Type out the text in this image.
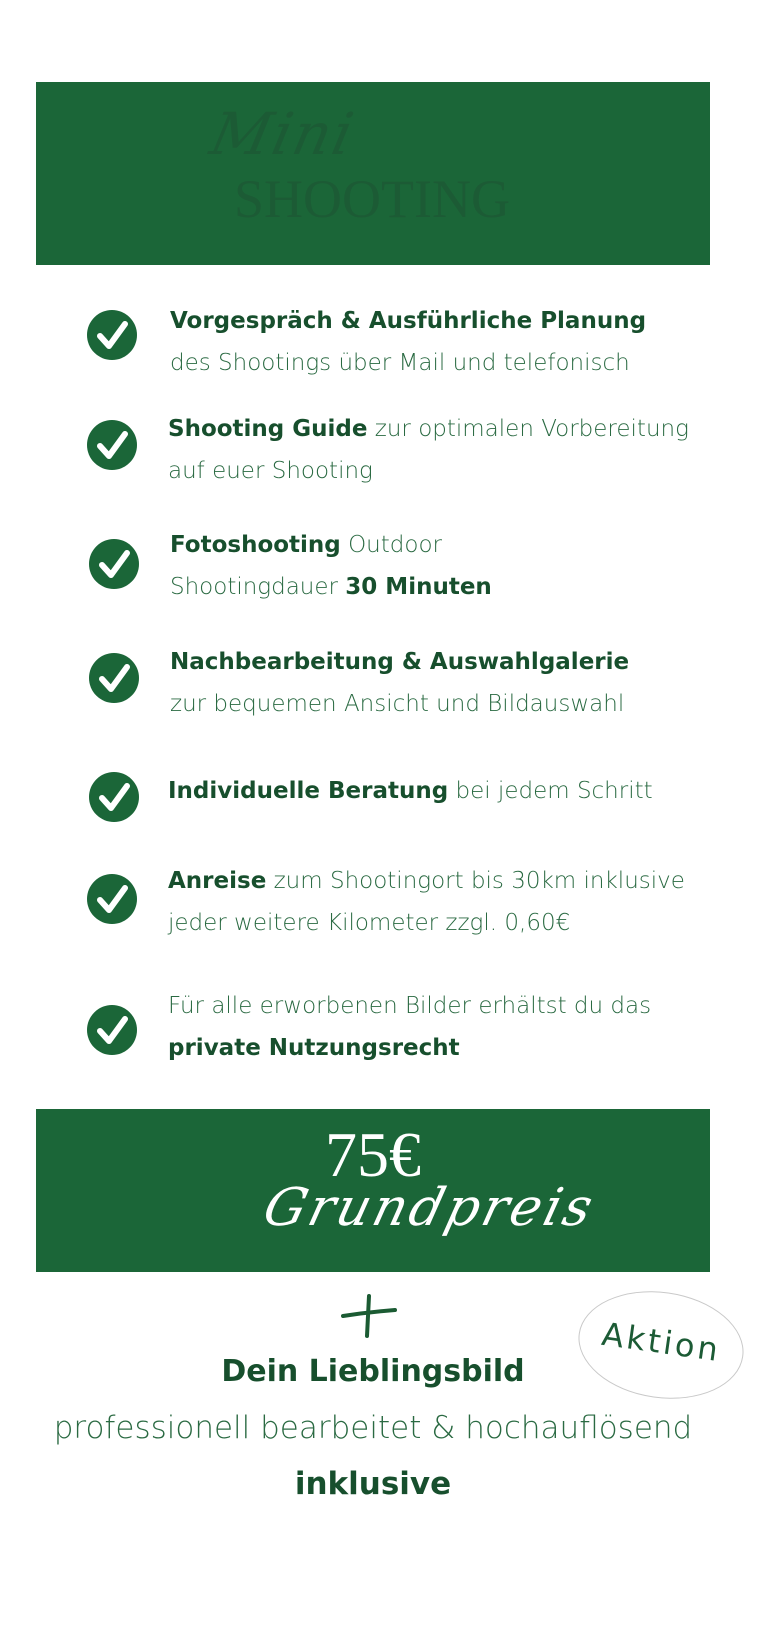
Mini
SHOOTING
Vorgespräch & Ausführliche Planung
des Shootings über Mail und telefonisch
Shooting Guide zur optimalen Vorbereitung
auf euer Shooting
Fotoshooting Outdoor
Shootingdauer 30 Minuten
Nachbearbeitung & Auswahlgalerie
zur bequemen Ansicht und Bildauswahl
Individuelle Beratung bei jedem Schritt
Anreise zum Shootingort bis 30km inklusive
jeder weitere Kilometer zzgl. 0,60€
Für alle erworbenen Bilder erhältst du das
private Nutzungsrecht
75€
Grundpreis
Aktion
Dein Lieblingsbild
professionell bearbeitet & hochauflösend
inklusive
